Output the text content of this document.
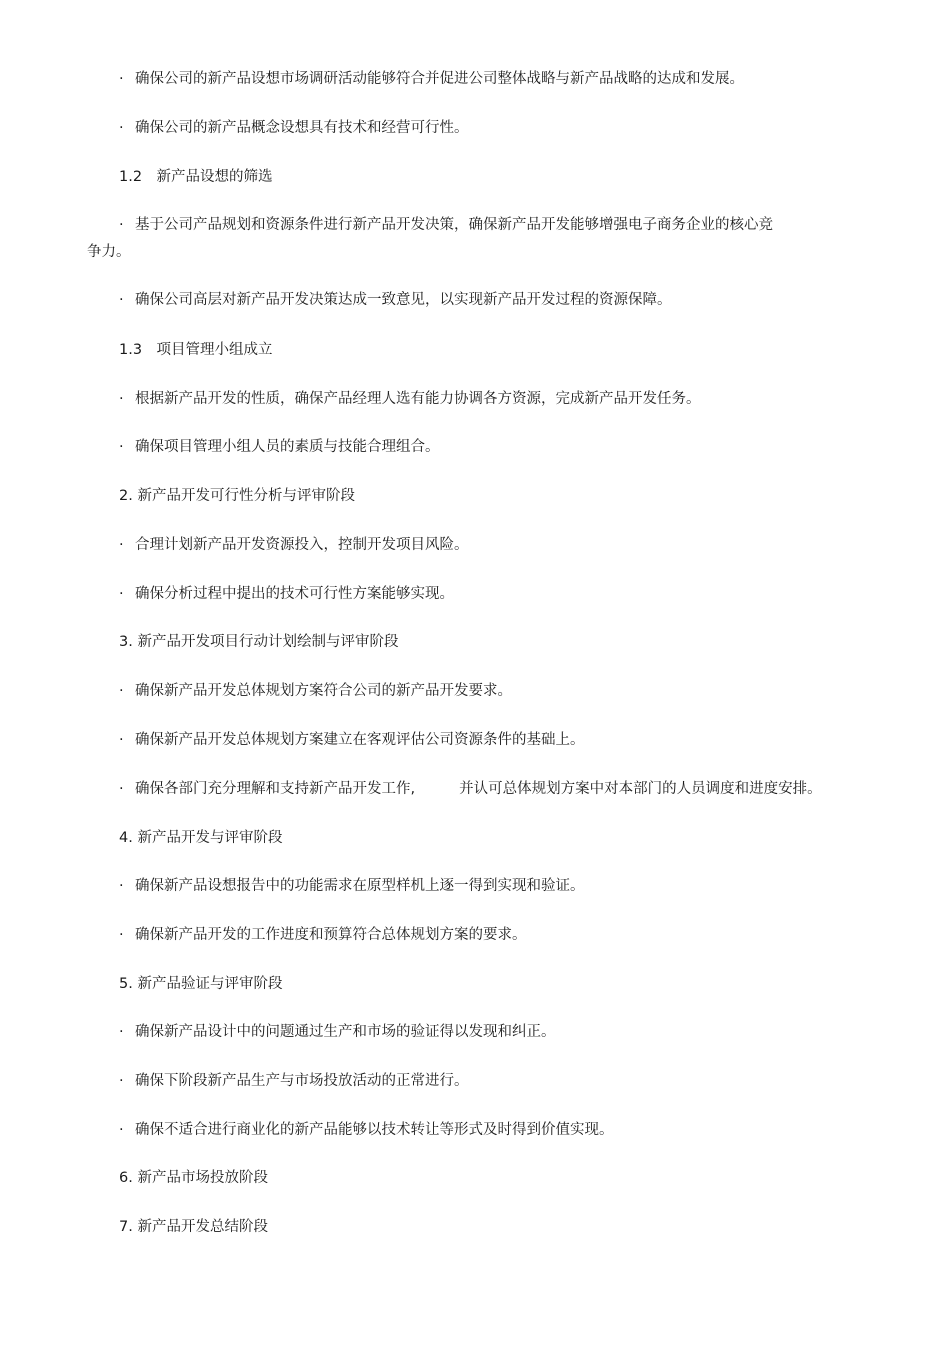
· 确保公司的新产品设想市场调研活动能够符合并促进公司整体战略与新产品战略的达成和发展。
· 确保公司的新产品概念设想具有技术和经营可行性。
1.2　新产品设想的筛选
· 基于公司产品规划和资源条件进行新产品开发决策，确保新产品开发能够增强电子商务企业的核心竞
争力。
· 确保公司高层对新产品开发决策达成一致意见，以实现新产品开发过程的资源保障。
1.3　项目管理小组成立
· 根据新产品开发的性质，确保产品经理人选有能力协调各方资源，完成新产品开发任务。
· 确保项目管理小组人员的素质与技能合理组合。
2. 新产品开发可行性分析与评审阶段
· 合理计划新产品开发资源投入，控制开发项目风险。
· 确保分析过程中提出的技术可行性方案能够实现。
3. 新产品开发项目行动计划绘制与评审阶段
· 确保新产品开发总体规划方案符合公司的新产品开发要求。
· 确保新产品开发总体规划方案建立在客观评估公司资源条件的基础上。
· 确保各部门充分理解和支持新产品开发工作,	并认可总体规划方案中对本部门的人员调度和进度安排。
4. 新产品开发与评审阶段
· 确保新产品设想报告中的功能需求在原型样机上逐一得到实现和验证。
· 确保新产品开发的工作进度和预算符合总体规划方案的要求。
5. 新产品验证与评审阶段
· 确保新产品设计中的问题通过生产和市场的验证得以发现和纠正。
· 确保下阶段新产品生产与市场投放活动的正常进行。
· 确保不适合进行商业化的新产品能够以技术转让等形式及时得到价值实现。
6. 新产品市场投放阶段
7. 新产品开发总结阶段
